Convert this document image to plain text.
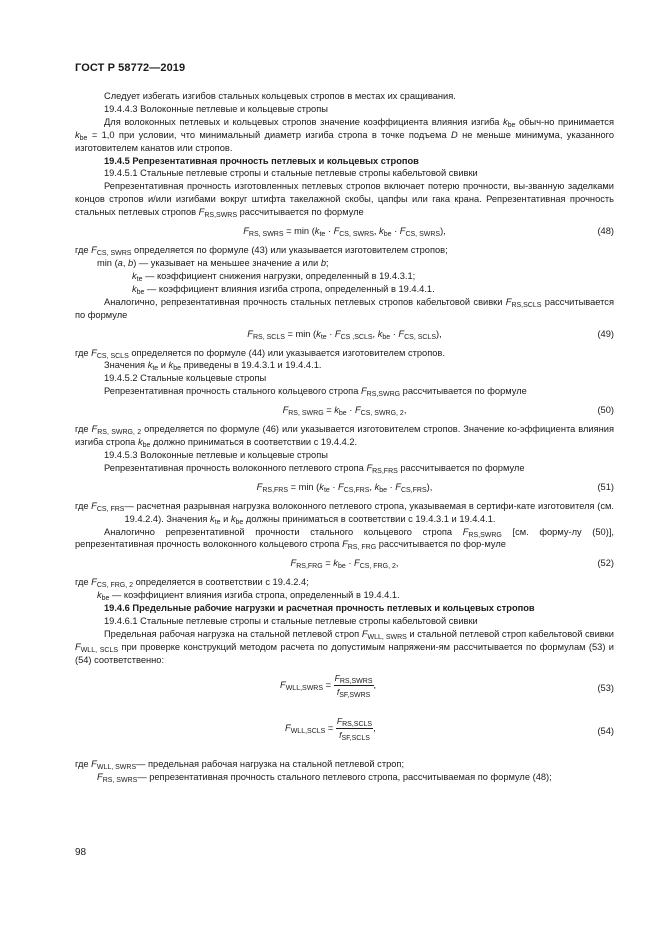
ГОСТ Р 58772—2019

Следует избегать изгибов стальных кольцевых стропов в местах их сращивания.

19.4.4.3 Волоконные петлевые и кольцевые стропы

Для волоконных петлевых и кольцевых стропов значение коэффициента влияния изгиба $k_{be}$ обыч-но принимается $k_{be} = 1,0$ при условии, что минимальный диаметр изгиба стропа в точке подъема D не меньше минимума, указанного изготовителем канатов или стропов.

19.4.5 Репрезентативная прочность петлевых и кольцевых стропов

19.4.5.1 Стальные петлевые стропы и стальные петлевые стропы кабельтовой свивки

Репрезентативная прочность изготовленных петлевых стропов включает потерю прочности, вы-званную заделками концов стропов и/или изгибами вокруг штифта такелажной скобы, цапфы или гака крана. Репрезентативная прочность стальных петлевых стропов $F_{RS,SWRS}$ рассчитывается по формуле

$F_{RS, SWRS} = \min (k_{te} \cdot F_{CS, SWRS}$, $k_{be} \cdot F_{CS, SWRS}$),	(48)

где $F_{CS, SWRS}$ определяется по формуле (43) или указывается изготовителем стропов;

min (a, b) — указывает на меньшее значение a или b;

$k_{te}$ — коэффициент снижения нагрузки, определенный в 19.4.3.1;

$k_{be}$ — коэффициент влияния изгиба стропа, определенный в 19.4.4.1.

Аналогично, репрезентативная прочность стальных петлевых стропов кабельтовой свивки $F_{RS,SCLS}$ рассчитывается по формуле

$F_{RS, SCLS} = \min (k_{te} \cdot F_{CS ,SCLS}$, $k_{be} \cdot F_{CS, SCLS}$),	(49)

где $F_{CS, SCLS}$ определяется по формуле (44) или указывается изготовителем стропов.

Значения $k_{te}$ и $k_{be}$ приведены в 19.4.3.1 и 19.4.4.1.

19.4.5.2 Стальные кольцевые стропы

Репрезентативная прочность стального кольцевого стропа $F_{RS,SWRG}$ рассчитывается по формуле

$F_{RS, SWRG} = k_{be} \cdot F_{CS, SWRG, 2}$,	(50)

где $F_{RS, SWRG, 2}$ определяется по формуле (46) или указывается изготовителем стропов. Значение ко-эффициента влияния изгиба стропа $k_{be}$ должно приниматься в соответствии с 19.4.4.2.

19.4.5.3 Волоконные петлевые и кольцевые стропы

Репрезентативная прочность волоконного петлевого стропа $F_{RS,FRS}$ рассчитывается по формуле

$F_{RS,FRS} = \min (k_{te} \cdot F_{CS,FRS}$, $k_{be} \cdot F_{CS,FRS}$),	(51)
где $F_{CS, FRS}$ — расчетная разрывная нагрузка волоконного петлевого стропа, указываемая в сертифи-кате изготовителя (см. 19.4.2.4). Значения $k_{te}$ и $k_{be}$ должны приниматься в соответствии с 19.4.3.1 и 19.4.4.1.

Аналогично репрезентативной прочности стального кольцевого стропа $F_{RS,SWRG}$ [см. форму-лу (50)], репрезентативная прочность волоконного кольцевого стропа $F_{RS, FRG}$ рассчитывается по фор-муле

$F_{RS,FRG} = k_{be} \cdot F_{CS, FRG, 2}$,	(52)

где $F_{CS, FRG, 2}$ определяется в соответствии с 19.4.2.4;

$k_{be}$ — коэффициент влияния изгиба стропа, определенный в 19.4.4.1.

19.4.6 Предельные рабочие нагрузки и расчетная прочность петлевых и кольцевых стропов

19.4.6.1 Стальные петлевые стропы и стальные петлевые стропы кабельтовой свивки

Предельная рабочая нагрузка на стальной петлевой строп $F_{WLL, SWRS}$ и стальной петлевой строп кабельтовой свивки $F_{WLL, SCLS}$ при проверке конструкций методом расчета по допустимым напряжени-ям рассчитывается по формулам (53) и (54) соответственно:

$F_{WLL,SWRS} = \frac{F_{RS,SWRS}}{f_{SF,SWRS}}$ ,	(53)
$F_{WLL,SCLS} = \frac{F_{RS,SCLS}}{f_{SF,SCLS}}$ ,	(54)
где $F_{WLL, SWRS}$ — предельная рабочая нагрузка на стальной петлевой строп;
$F_{RS, SWRS}$ — репрезентативная прочность стального петлевого стропа, рассчитываемая по формуле (48);
98
